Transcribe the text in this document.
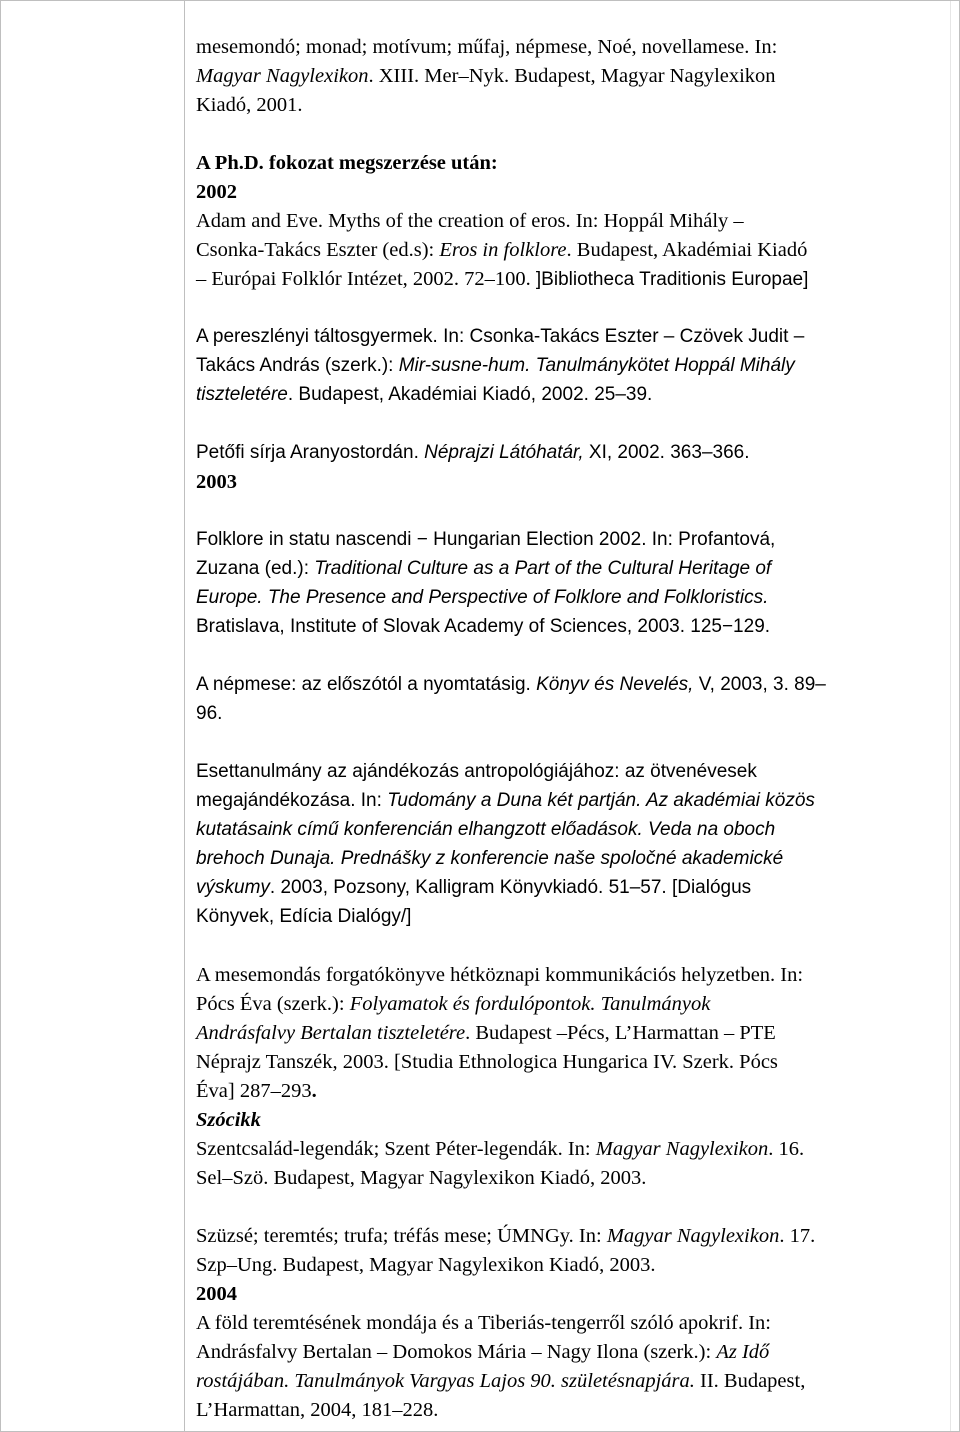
mesemondó; monad; motívum; műfaj, népmese, Noé, novellamese. In:
Magyar Nagylexikon. XIII. Mer–Nyk. Budapest, Magyar Nagylexikon
Kiadó, 2001.
A Ph.D. fokozat megszerzése után:
2002
Adam and Eve. Myths of the creation of eros. In: Hoppál Mihály –
Csonka-Takács Eszter (ed.s): Eros in folklore. Budapest, Akadémiai Kiadó
– Európai Folklór Intézet, 2002. 72–100. ]Bibliotheca Traditionis Europae]
A pereszlényi táltosgyermek. In: Csonka-Takács Eszter – Czövek Judit –
Takács András (szerk.): Mir-susne-hum. Tanulmánykötet Hoppál Mihály
tiszteletére. Budapest, Akadémiai Kiadó, 2002. 25–39.
Petőfi sírja Aranyostordán. Néprajzi Látóhatár, XI, 2002. 363–366.
2003
Folklore in statu nascendi − Hungarian Election 2002. In: Profantová,
Zuzana (ed.): Traditional Culture as a Part of the Cultural Heritage of
Europe. The Presence and Perspective of Folklore and Folkloristics.
Bratislava, Institute of Slovak Academy of Sciences, 2003. 125−129.
A népmese: az előszótól a nyomtatásig. Könyv és Nevelés, V, 2003, 3. 89–
96.
Esettanulmány az ajándékozás antropológiájához: az ötvenévesek
megajándékozása. In: Tudomány a Duna két partján. Az akadémiai közös
kutatásaink című konferencián elhangzott előadások. Veda na oboch
brehoch Dunaja. Prednášky z konferencie naše spoločné akademické
výskumy. 2003, Pozsony, Kalligram Könyvkiadó. 51–57. [Dialógus
Könyvek, Edícia Dialógy/]
A mesemondás forgatókönyve hétköznapi kommunikációs helyzetben. In:
Pócs Éva (szerk.): Folyamatok és fordulópontok. Tanulmányok
Andrásfalvy Bertalan tiszteletére. Budapest –Pécs, L’Harmattan – PTE
Néprajz Tanszék, 2003. [Studia Ethnologica Hungarica IV. Szerk. Pócs
Éva] 287–293.
Szócikk
Szentcsalád-legendák; Szent Péter-legendák. In: Magyar Nagylexikon. 16.
Sel–Szö. Budapest, Magyar Nagylexikon Kiadó, 2003.
Szüzsé; teremtés; trufa; tréfás mese; ÚMNGy. In: Magyar Nagylexikon. 17.
Szp–Ung. Budapest, Magyar Nagylexikon Kiadó, 2003.
2004
A föld teremtésének mondája és a Tiberiás-tengerről szóló apokrif. In:
Andrásfalvy Bertalan – Domokos Mária – Nagy Ilona (szerk.): Az Idő
rostájában. Tanulmányok Vargyas Lajos 90. születésnapjára. II. Budapest,
L’Harmattan, 2004, 181–228.
